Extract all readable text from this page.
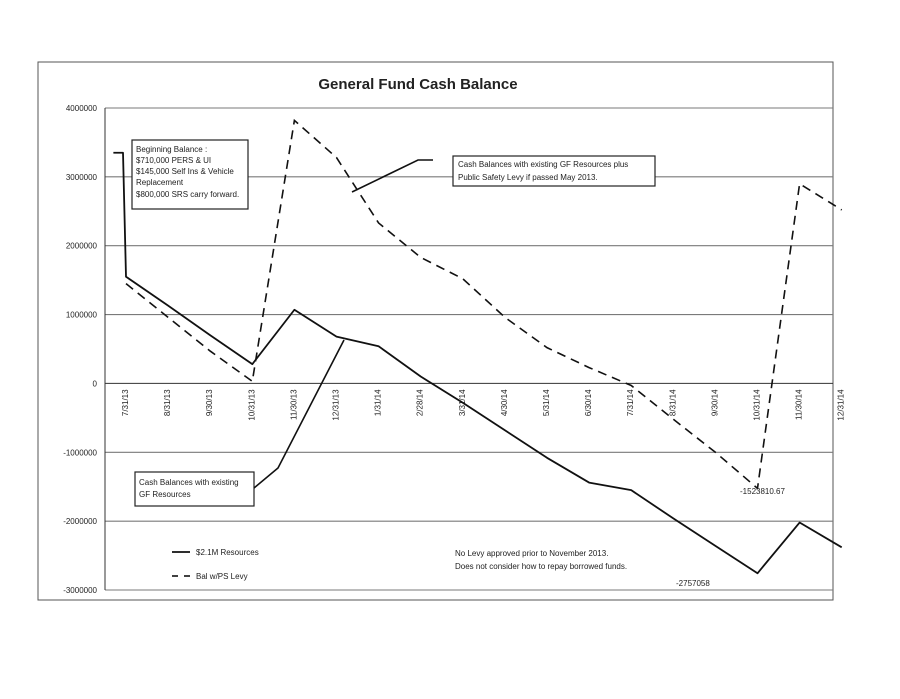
4000000
3000000
2000000
1000000
0
-1000000
-2000000
-3000000
7/31/13	8/31/13	9/30/13	10/31/13	11/30/13	12/31/13	1/31/14	2/28/14	3/31/14	4/30/14	5/31/14	6/30/14	7/31/14	8/31/14	9/30/14	10/31/14	11/30/14	12/31/14
General Fund Cash Balance
Beginning Balance :
$710,000 PERS & UI
$145,000 Self Ins & Vehicle
Replacement
$800,000 SRS carry forward.
Cash Balances with existing GF Resources plus
Public Safety Levy if passed May 2013.
Cash Balances with existing
GF Resources	-1523810.67
-2757058
$2.1M Resources
Bal w/PS Levy
No Levy approved prior to November 2013.
Does not consider how to repay borrowed funds.
